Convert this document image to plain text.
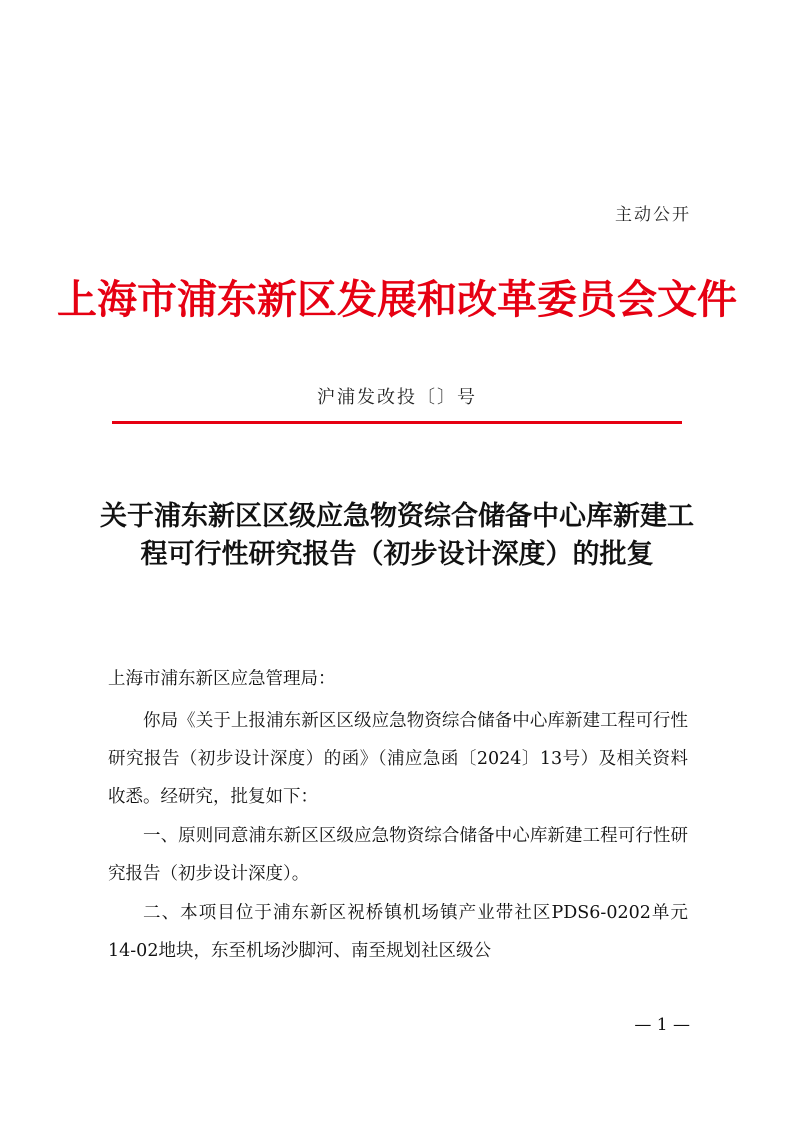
主动公开
上海市浦东新区发展和改革委员会文件
沪浦发改投〔〕号
关于浦东新区区级应急物资综合储备中心库新建工程可行性研究报告（初步设计深度）的批复
上海市浦东新区应急管理局：
你局《关于上报浦东新区区级应急物资综合储备中心库新建工程可行性研究报告（初步设计深度）的函》（浦应急函〔2024〕13号）及相关资料收悉。经研究，批复如下：
一、原则同意浦东新区区级应急物资综合储备中心库新建工程可行性研究报告（初步设计深度）。
二、本项目位于浦东新区祝桥镇机场镇产业带社区PDS6-0202单元14-02地块，东至机场沙脚河、南至规划社区级公
— 1 —
